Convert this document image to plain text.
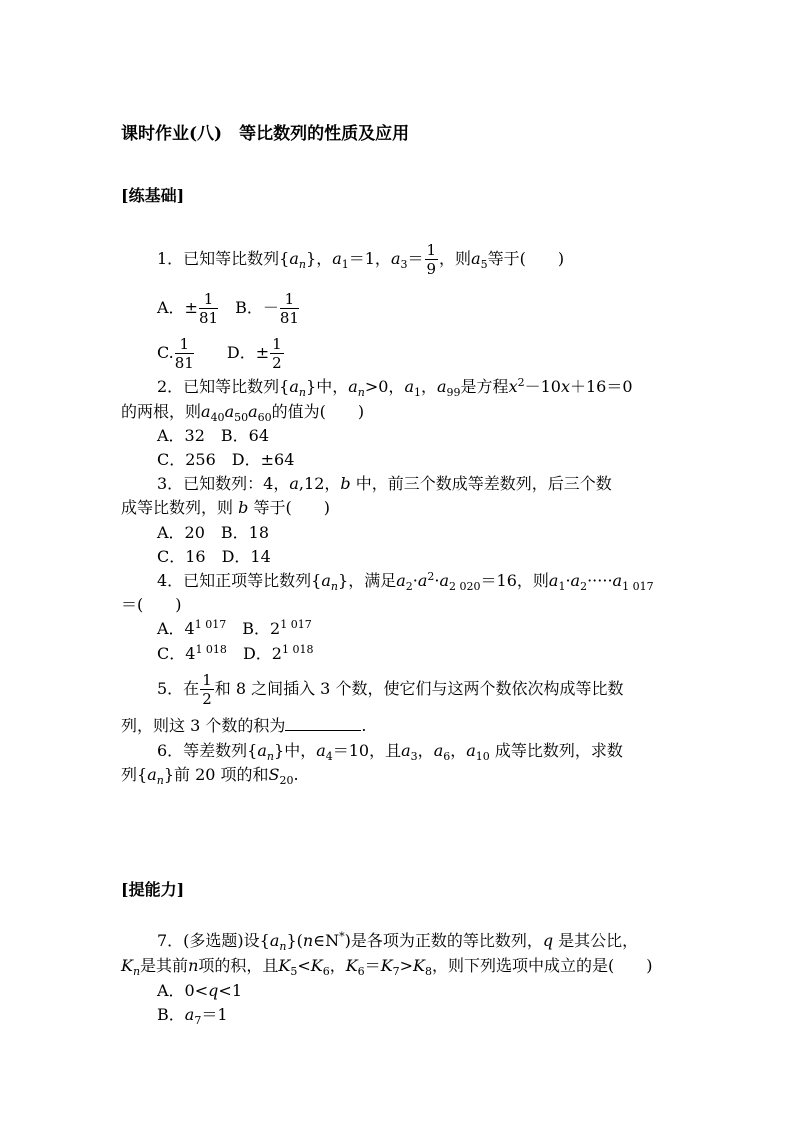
课时作业(八)　等比数列的性质及应用
[练基础]
1．已知等比数列$\{a_n\}$，$a_1=1$，$a_3= \frac{1}{9}$ ，则$a_5$等于(　　)
A．± $\frac{1}{81}$
　 B．－ $\frac{1}{81}$
C. $\frac{1}{81}$
　　 D．± $\frac{1}{2}$
2．已知等比数列$\{a_n\}$中，$a_n>0$，$a_1$，$a_{99}$是方程$x^2-10x+16=0$
的两根，则$a_{40}a_{50}a_{60}$的值为(　　)
A．32　B．64
C．256　D．±64
3．已知数列：4，a,12，b 中，前三个数成等差数列，后三个数
成等比数列，则 b 等于(　　)
A．20　B．18
C．16　D．14
4．已知正项等比数列$\{a_n\}$，满足$a_2\cdot a^2\cdot a_{2 020}=16$，则$a_1\cdot a_2\cdot\cdot\cdot\cdot\cdot a_{1 017}$
＝(　　)
A．$4^{1 017}$　 B．$2^{1 017}$
C．$4^{1 018}$　 D．$2^{1 018}$
5．在 $\frac{1}{2}$ 和 8 之间插入 3 个数，使它们与这两个数依次构成等比数
列，则这 3 个数的积为	.
6．等差数列$\{a_n\}$中，$a_4=10$，且$a_3$，$a_6$，$a_{10}$ 成等比数列，求数
列$\{a_n\}$前 20 项的和$S_{20}$.
[提能力]
7．(多选题)设$\{a_n\}(n\in N^*)$是各项为正数的等比数列，q 是其公比，
$K_n$是其前n项的积，且$K_5<K_6$，$K_6=K_7>K_8$，则下列选项中成立的是(　　)
A．0<q<1
B．$a_7=1$
